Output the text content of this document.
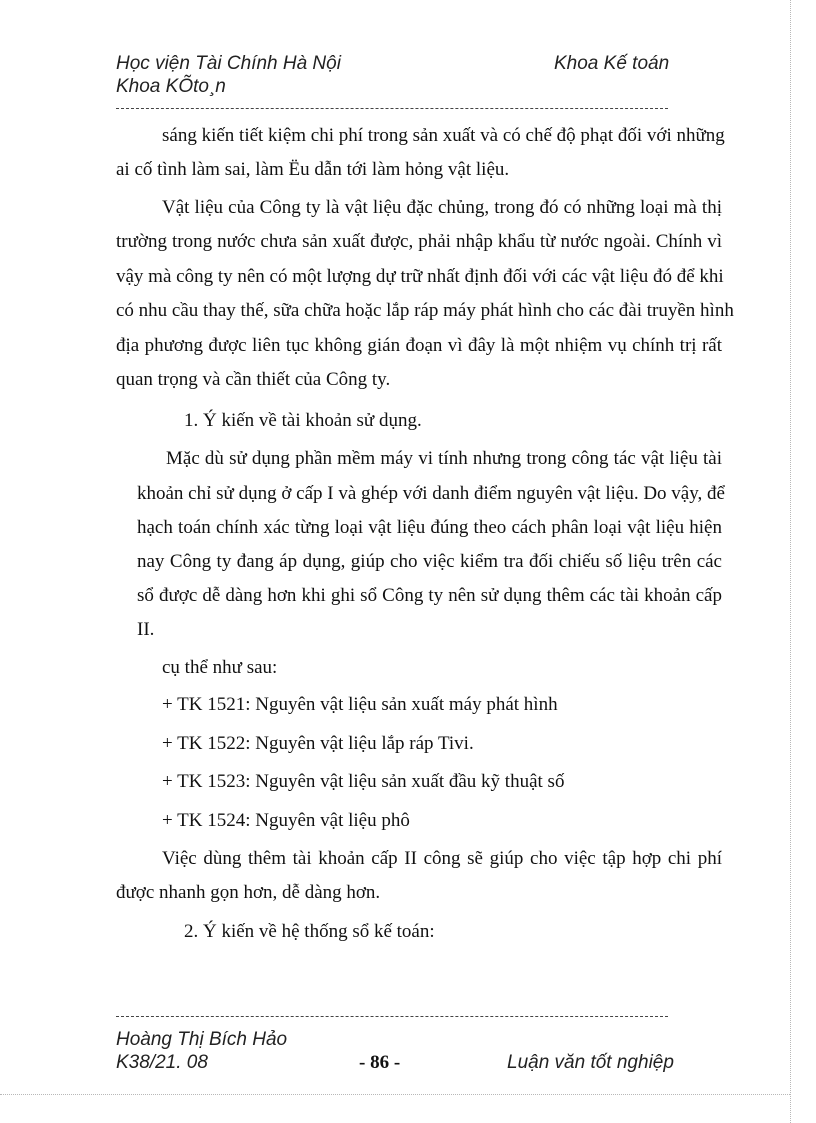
Học viện Tài Chính Hà Nội	Khoa Kế toán
Khoa KÕto¸n
sáng kiến tiết kiệm chi phí trong sản xuất và có chế độ phạt đối với những
ai cố tình làm sai, làm Ëu dẫn tới làm hỏng vật liệu.
Vật liệu của Công ty là vật liệu đặc chủng, trong đó có những loại mà thị
trường trong nước chưa sản xuất được, phải nhập khẩu từ nước ngoài. Chính vì
vậy mà công ty nên có một lượng dự trữ nhất định đối với các vật liệu đó để khi
có nhu cầu thay thế, sữa chữa hoặc lắp ráp máy phát hình cho các đài truyền hình
địa phương được liên tục không gián đoạn vì đây là một nhiệm vụ chính trị rất
quan trọng và cần thiết của Công ty.
1. Ý kiến về tài khoản sử dụng.
Mặc dù sử dụng phần mềm máy vi tính nhưng trong công tác vật liệu tài
khoản chỉ sử dụng ở cấp I và ghép với danh điểm nguyên vật liệu. Do vậy, để
hạch toán chính xác từng loại vật liệu đúng theo cách phân loại vật liệu hiện
nay Công ty đang áp dụng, giúp cho việc kiểm tra đối chiếu số liệu trên các
sổ được dễ dàng hơn khi ghi sổ Công ty nên sử dụng thêm các tài khoản cấp
II.
cụ thể như sau:
+ TK 1521: Nguyên vật liệu sản xuất máy phát hình
+ TK 1522: Nguyên vật liệu lắp ráp Tivi.
+ TK 1523: Nguyên vật liệu sản xuất đầu kỹ thuật số
+ TK 1524: Nguyên vật liệu phô
Việc dùng thêm tài khoản cấp II công sẽ giúp cho việc tập hợp chi phí
được nhanh gọn hơn, dễ dàng hơn.
2. Ý kiến về hệ thống sổ kế toán:
Hoàng Thị Bích Hảo
K38/21. 08	- 86 -	Luận văn tốt nghiệp
